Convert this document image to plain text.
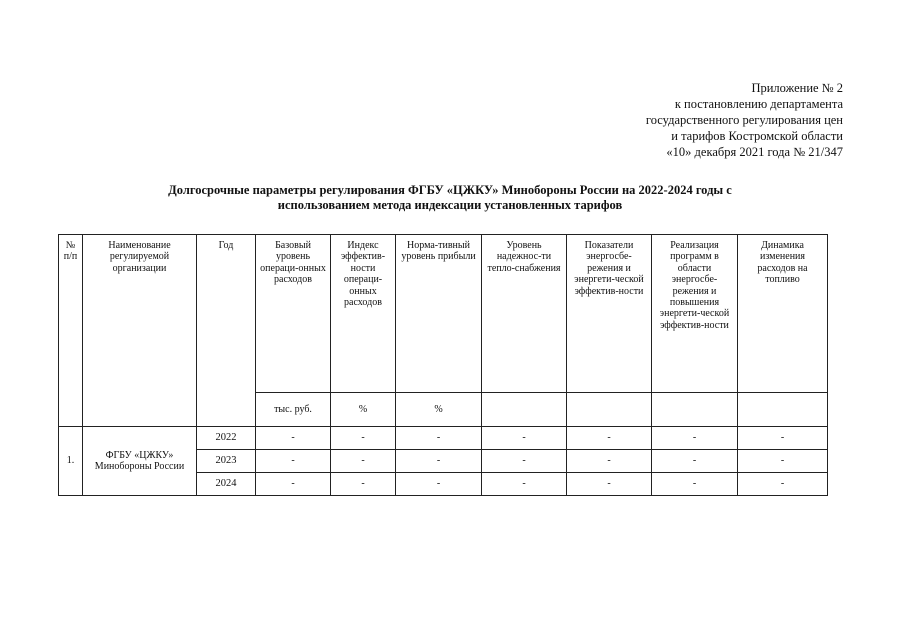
Приложение № 2
к постановлению департамента
государственного регулирования цен
и тарифов Костромской области
«10» декабря 2021 года № 21/347
Долгосрочные параметры регулирования ФГБУ «ЦЖКУ» Минобороны России на 2022-2024 годы с
использованием метода индексации установленных тарифов
№ п/п	Наименование регулируемой организации	Год	Базовый уровень операци-онных расходов	Индекс эффектив-ности операци-онных расходов	Норма-тивный уровень прибыли	Уровень надежнос-ти тепло-снабжения	Показатели энергосбе-режения и энергети-ческой эффектив-ности	Реализация программ в области энергосбе-режения и повышения энергети-ческой эффектив-ности	Динамика изменения расходов на топливо
			тыс. руб.	%	%				
1.	ФГБУ «ЦЖКУ» Минобороны России	2022	-	-	-	-	-	-	-
		2023	-	-	-	-	-	-	-
		2024	-	-	-	-	-	-	-
